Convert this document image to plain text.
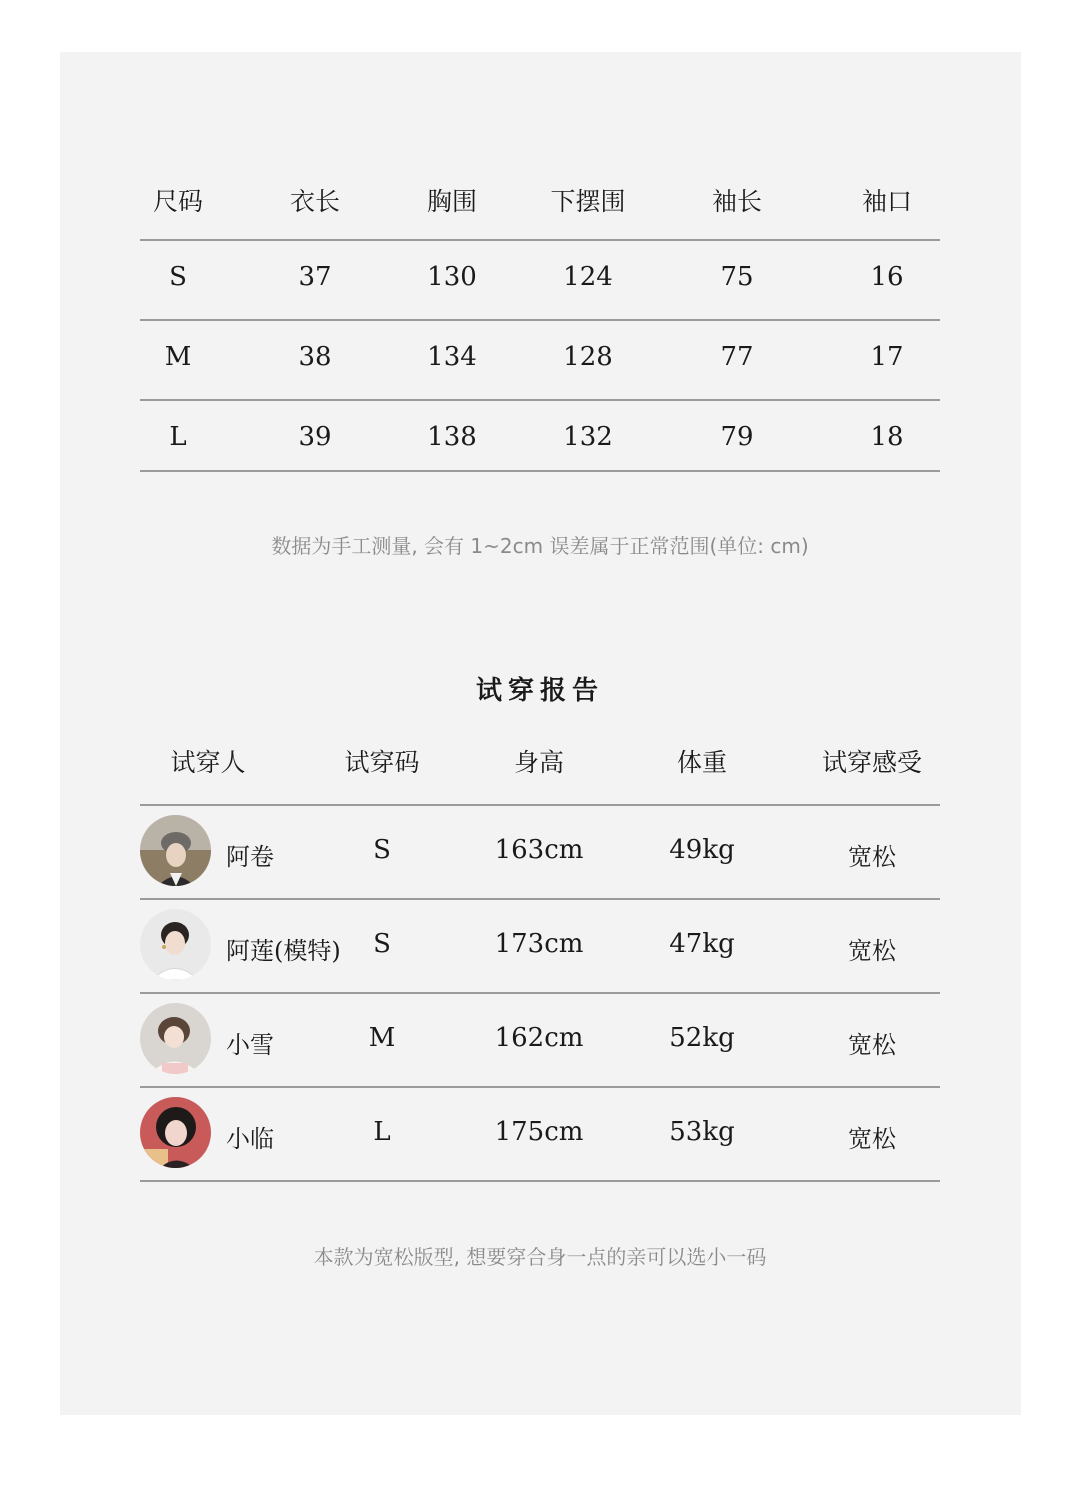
尺码	衣长	胸围	下摆围	袖长	袖口
S	37	130	124	75	16
M	38	134	128	77	17
L	39	138	132	79	18
数据为手工测量, 会有 1~2cm 误差属于正常范围(单位: cm)
试穿报告
试穿人	试穿码	身高	体重	试穿感受
阿卷	S	163cm	49kg	宽松
阿莲(模特) S	173cm	47kg	宽松
小雪	M	162cm	52kg	宽松
小临	L	175cm	53kg	宽松
本款为宽松版型, 想要穿合身一点的亲可以选小一码
